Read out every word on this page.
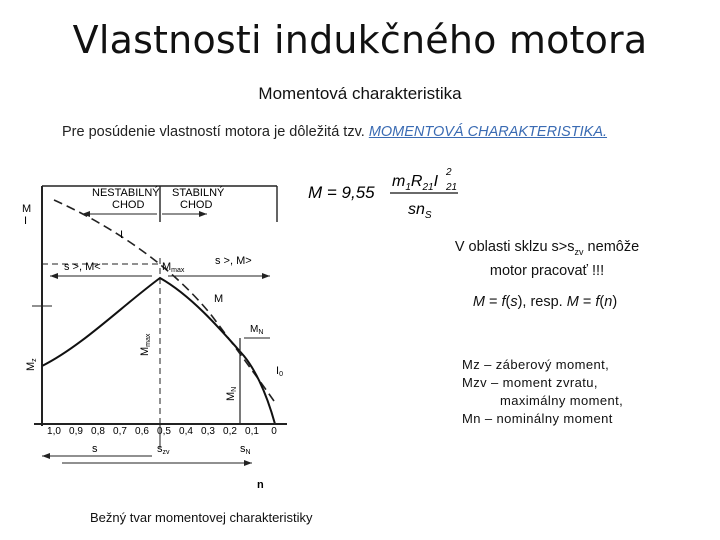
Vlastnosti indukčného motora
Momentová charakteristika
Pre posúdenie vlastností motora je dôležitá tzv. MOMENTOVÁ CHARAKTERISTIKA.
M = 9,55
$m_1R_{21}I$
2
21
$sn_S$
V oblasti sklzu $s>s_{zv}$ nemôže
motor pracovať !!!
M = f(s), resp. M = f(n)
Mz – záberový moment,
Mzv – moment zvratu,
maximálny moment,
Mn – nominálny moment
M
I
NESTABILNÝ
CHOD
STABILNÝ
CHOD
I
s >, M<	Mmax
s >, M>
M
$M_N$
Mmax
Mz
MN
I0
1,0 0,9 0,8 0,7 0,6 0,5 0,4 0,3 0,2 0,1 0
s	szv	sN
n
Bežný tvar momentovej charakteristiky
